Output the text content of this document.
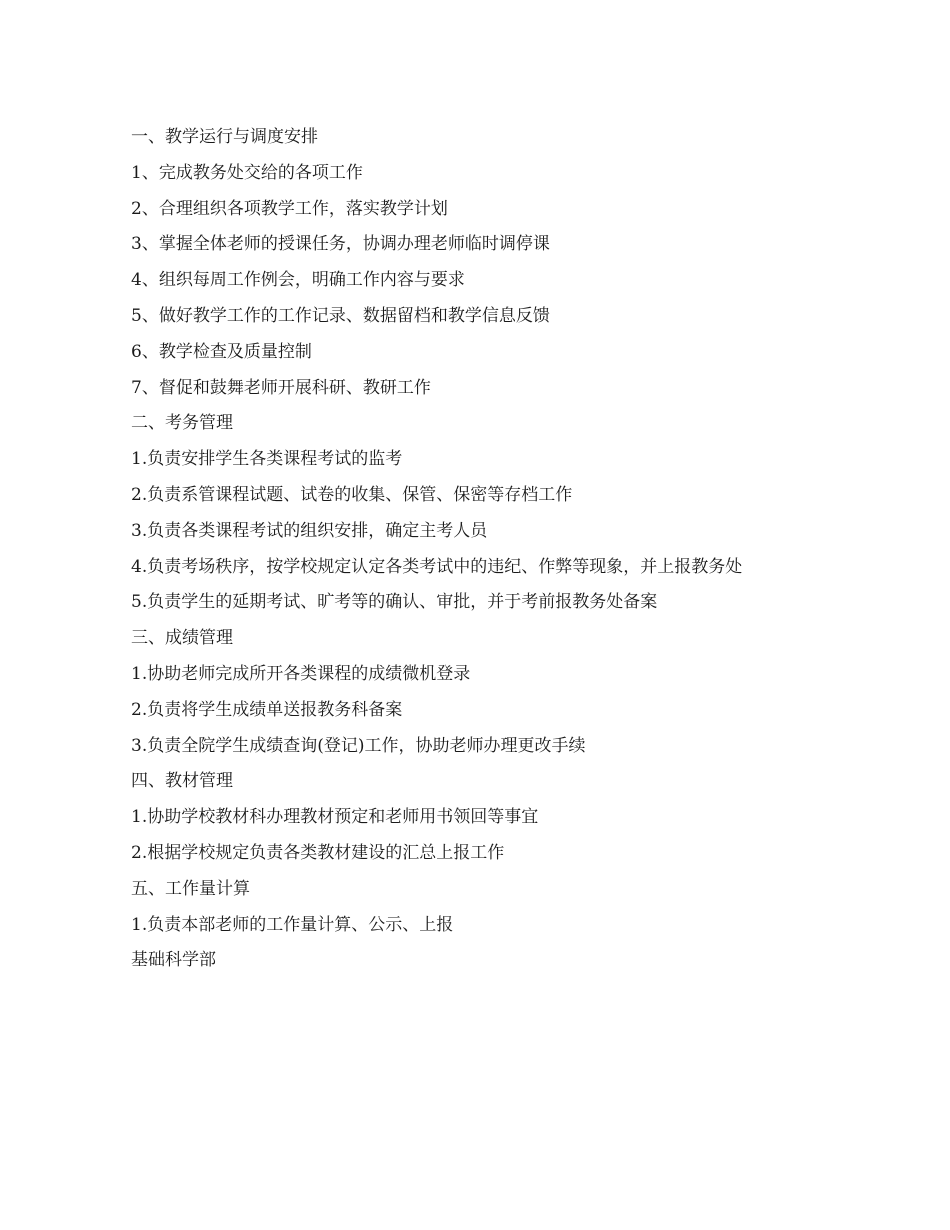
一、教学运行与调度安排

1、完成教务处交给的各项工作

2、合理组织各项教学工作，落实教学计划

3、掌握全体老师的授课任务，协调办理老师临时调停课

4、组织每周工作例会，明确工作内容与要求

5、做好教学工作的工作记录、数据留档和教学信息反馈

6、教学检查及质量控制

7、督促和鼓舞老师开展科研、教研工作

二、考务管理

1.负责安排学生各类课程考试的监考

2.负责系管课程试题、试卷的收集、保管、保密等存档工作

3.负责各类课程考试的组织安排，确定主考人员

4.负责考场秩序，按学校规定认定各类考试中的违纪、作弊等现象，并上报教务处

5.负责学生的延期考试、旷考等的确认、审批，并于考前报教务处备案

三、成绩管理

1.协助老师完成所开各类课程的成绩微机登录

2.负责将学生成绩单送报教务科备案

3.负责全院学生成绩查询(登记)工作，协助老师办理更改手续

四、教材管理

1.协助学校教材科办理教材预定和老师用书领回等事宜

2.根据学校规定负责各类教材建设的汇总上报工作

五、工作量计算

1.负责本部老师的工作量计算、公示、上报

基础科学部
